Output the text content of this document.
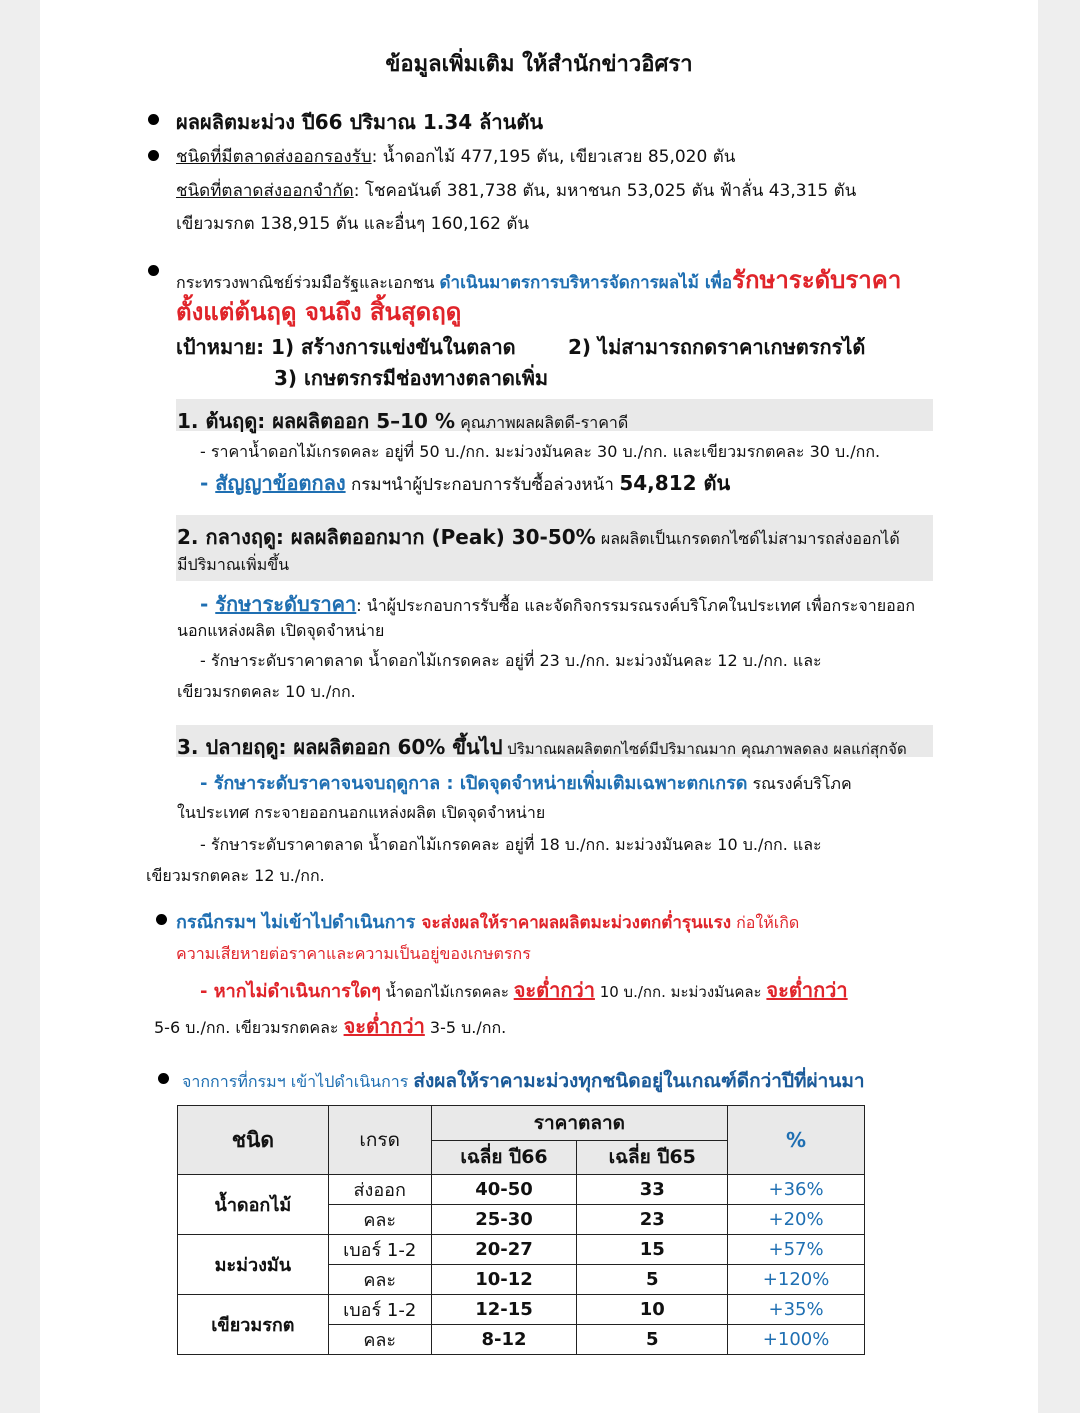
ข้อมูลเพิ่มเติม ให้สำนักข่าวอิศรา
ผลผลิตมะม่วง ปี66 ปริมาณ 1.34 ล้านตัน
ชนิดที่มีตลาดส่งออกรองรับ: น้ำดอกไม้ 477,195 ตัน, เขียวเสวย 85,020 ตัน
ชนิดที่ตลาดส่งออกจำกัด: โชคอนันต์ 381,738 ตัน, มหาชนก 53,025 ตัน ฟ้าลั่น 43,315 ตัน
เขียวมรกต 138,915 ตัน และอื่นๆ 160,162 ตัน
กระทรวงพาณิชย์ร่วมมือรัฐและเอกชน ดำเนินมาตรการบริหารจัดการผลไม้ เพื่อรักษาระดับราคา
ตั้งแต่ต้นฤดู จนถึง สิ้นสุดฤดู
เป้าหมาย: 1) สร้างการแข่งขันในตลาด	2) ไม่สามารถกดราคาเกษตรกรได้
3) เกษตรกรมีช่องทางตลาดเพิ่ม
1. ต้นฤดู: ผลผลิตออก 5–10 % คุณภาพผลผลิตดี-ราคาดี
- ราคาน้ำดอกไม้เกรดคละ อยู่ที่ 50 บ./กก. มะม่วงมันคละ 30 บ./กก. และเขียวมรกตคละ 30 บ./กก.
- สัญญาข้อตกลง กรมฯนำผู้ประกอบการรับซื้อล่วงหน้า 54,812 ตัน
2. กลางฤดู: ผลผลิตออกมาก (Peak) 30-50% ผลผลิตเป็นเกรดตกไซด์ไม่สามารถส่งออกได้
มีปริมาณเพิ่มขึ้น
- รักษาระดับราคา: นำผู้ประกอบการรับซื้อ และจัดกิจกรรมรณรงค์บริโภคในประเทศ เพื่อกระจายออก
นอกแหล่งผลิต เปิดจุดจำหน่าย
- รักษาระดับราคาตลาด น้ำดอกไม้เกรดคละ อยู่ที่ 23 บ./กก. มะม่วงมันคละ 12 บ./กก. และ
เขียวมรกตคละ 10 บ./กก.
3. ปลายฤดู: ผลผลิตออก 60% ขึ้นไป ปริมาณผลผลิตตกไซด์มีปริมาณมาก คุณภาพลดลง ผลแก่สุกจัด
- รักษาระดับราคาจนจบฤดูกาล : เปิดจุดจำหน่ายเพิ่มเติมเฉพาะตกเกรด รณรงค์บริโภค
ในประเทศ กระจายออกนอกแหล่งผลิต เปิดจุดจำหน่าย
- รักษาระดับราคาตลาด น้ำดอกไม้เกรดคละ อยู่ที่ 18 บ./กก. มะม่วงมันคละ 10 บ./กก. และ
เขียวมรกตคละ 12 บ./กก.
กรณีกรมฯ ไม่เข้าไปดำเนินการ จะส่งผลให้ราคาผลผลิตมะม่วงตกต่ำรุนแรง ก่อให้เกิด
ความเสียหายต่อราคาและความเป็นอยู่ของเกษตรกร
- หากไม่ดำเนินการใดๆ น้ำดอกไม้เกรดคละ จะต่ำกว่า 10 บ./กก. มะม่วงมันคละ จะต่ำกว่า
5-6 บ./กก. เขียวมรกตคละ จะต่ำกว่า 3-5 บ./กก.
จากการที่กรมฯ เข้าไปดำเนินการ ส่งผลให้ราคามะม่วงทุกชนิดอยู่ในเกณฑ์ดีกว่าปีที่ผ่านมา
ชนิด	เกรด	ราคาตลาด		%
		เฉลี่ย ปี66	เฉลี่ย ปี65	
น้ำดอกไม้	ส่งออก	40-50	33	+36%
	คละ	25-30	23	+20%
มะม่วงมัน	เบอร์ 1-2	20-27	15	+57%
	คละ	10-12	5	+120%
เขียวมรกต	เบอร์ 1-2	12-15	10	+35%
	คละ	8-12	5	+100%
